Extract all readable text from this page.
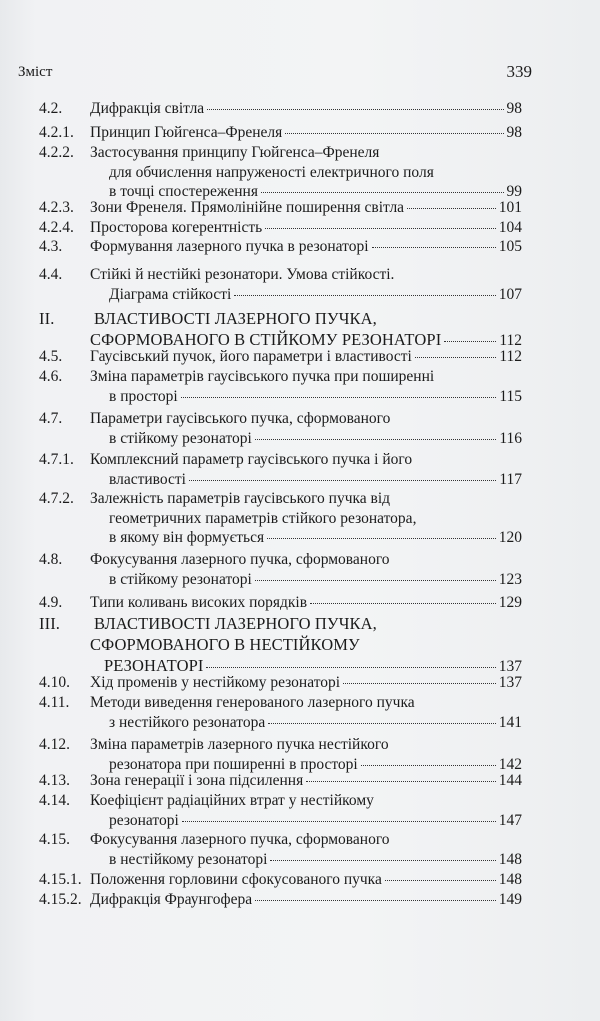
Зміст	339
4.2. Дифракція світла	98
4.2.1. Принцип Гюйгенса–Френеля	98
4.2.2. Застосування принципу Гюйгенса–Френеля
для обчислення напруженості електричного поля
в точці спостереження	99
4.2.3. Зони Френеля. Прямолінійне поширення світла	101
4.2.4. Просторова когерентність	104
4.3. Формування лазерного пучка в резонаторі	105
4.4. Стійкі й нестійкі резонатори. Умова стійкості.
Діаграма стійкості	107
II. ВЛАСТИВОСТІ ЛАЗЕРНОГО ПУЧКА,
СФОРМОВАНОГО В СТІЙКОМУ РЕЗОНАТОРІ	112
4.5. Гаусівський пучок, його параметри і властивості	112
4.6. Зміна параметрів гаусівського пучка при поширенні
в просторі	115
4.7. Параметри гаусівського пучка, сформованого
в стійкому резонаторі	116
4.7.1. Комплексний параметр гаусівського пучка і його
властивості	117
4.7.2. Залежність параметрів гаусівського пучка від
геометричних параметрів стійкого резонатора,
в якому він формується	120
4.8. Фокусування лазерного пучка, сформованого
в стійкому резонаторі	123
4.9. Типи коливань високих порядків	129
III. ВЛАСТИВОСТІ ЛАЗЕРНОГО ПУЧКА,
СФОРМОВАНОГО В НЕСТІЙКОМУ
РЕЗОНАТОРІ	137
4.10. Хід променів у нестійкому резонаторі	137
4.11. Методи виведення генерованого лазерного пучка
з нестійкого резонатора	141
4.12. Зміна параметрів лазерного пучка нестійкого
резонатора при поширенні в просторі	142
4.13. Зона генерації і зона підсилення	144
4.14. Коефіцієнт радіаційних втрат у нестійкому
резонаторі	147
4.15. Фокусування лазерного пучка, сформованого
в нестійкому резонаторі	148
4.15.1. Положення горловини сфокусованого пучка	148
4.15.2. Дифракція Фраунгофера	149
